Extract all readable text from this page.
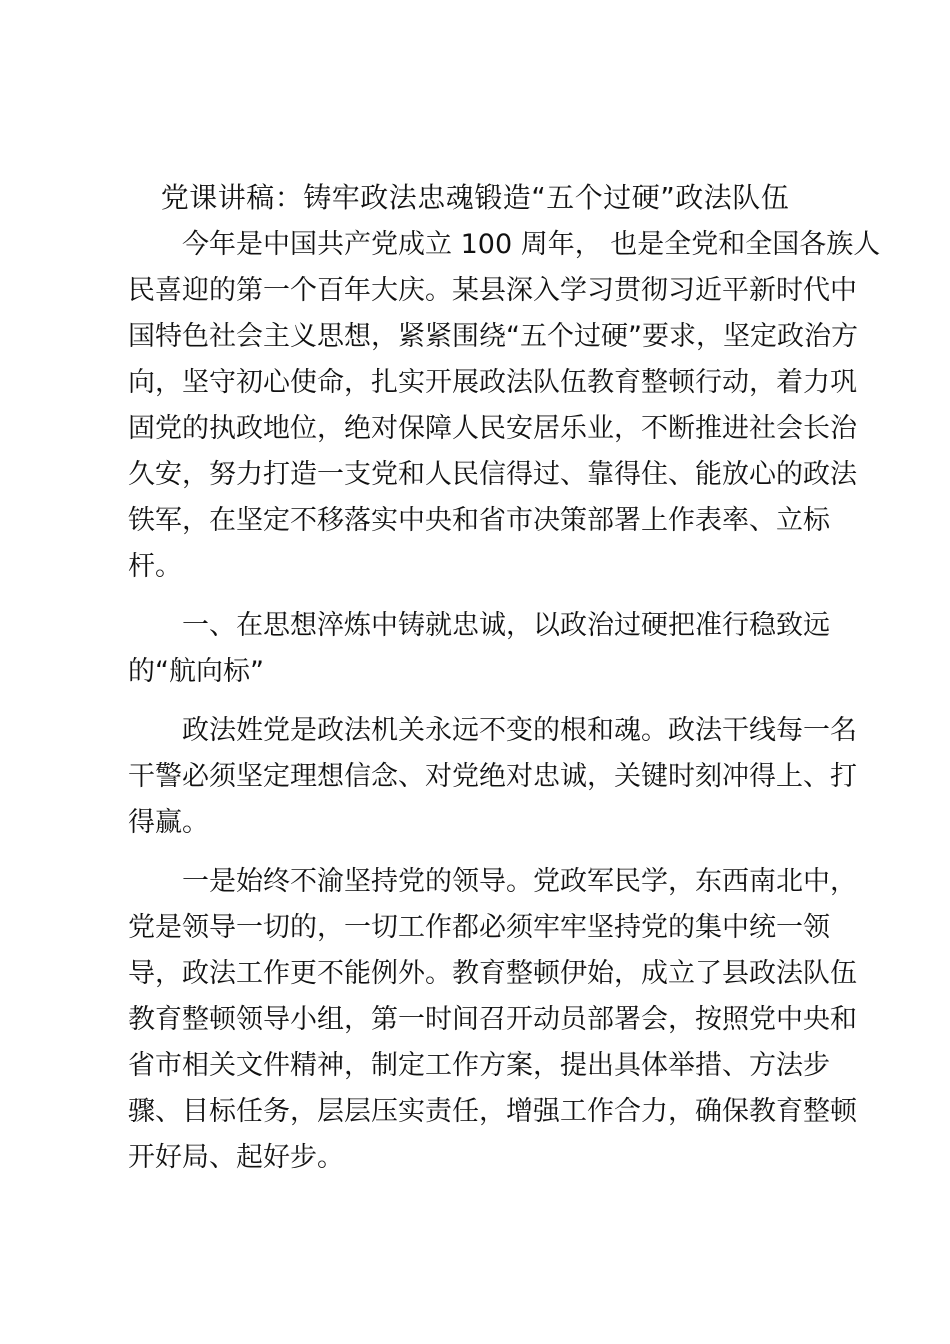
党课讲稿：铸牢政法忠魂锻造“五个过硬”政法队伍
今年是中国共产党成立 100 周年， 也是全党和全国各族人
民喜迎的第一个百年大庆。某县深入学习贯彻习近平新时代中
国特色社会主义思想，紧紧围绕“五个过硬”要求，坚定政治方
向，坚守初心使命，扎实开展政法队伍教育整顿行动，着力巩
固党的执政地位，绝对保障人民安居乐业，不断推进社会长治
久安，努力打造一支党和人民信得过、靠得住、能放心的政法
铁军，在坚定不移落实中央和省市决策部署上作表率、立标
杆。
一、在思想淬炼中铸就忠诚，以政治过硬把准行稳致远
的“航向标”
政法姓党是政法机关永远不变的根和魂。政法干线每一名
干警必须坚定理想信念、对党绝对忠诚，关键时刻冲得上、打
得赢。
一是始终不渝坚持党的领导。党政军民学，东西南北中，
党是领导一切的，一切工作都必须牢牢坚持党的集中统一领
导，政法工作更不能例外。教育整顿伊始，成立了县政法队伍
教育整顿领导小组，第一时间召开动员部署会，按照党中央和
省市相关文件精神，制定工作方案，提出具体举措、方法步
骤、目标任务，层层压实责任，增强工作合力，确保教育整顿
开好局、起好步。
